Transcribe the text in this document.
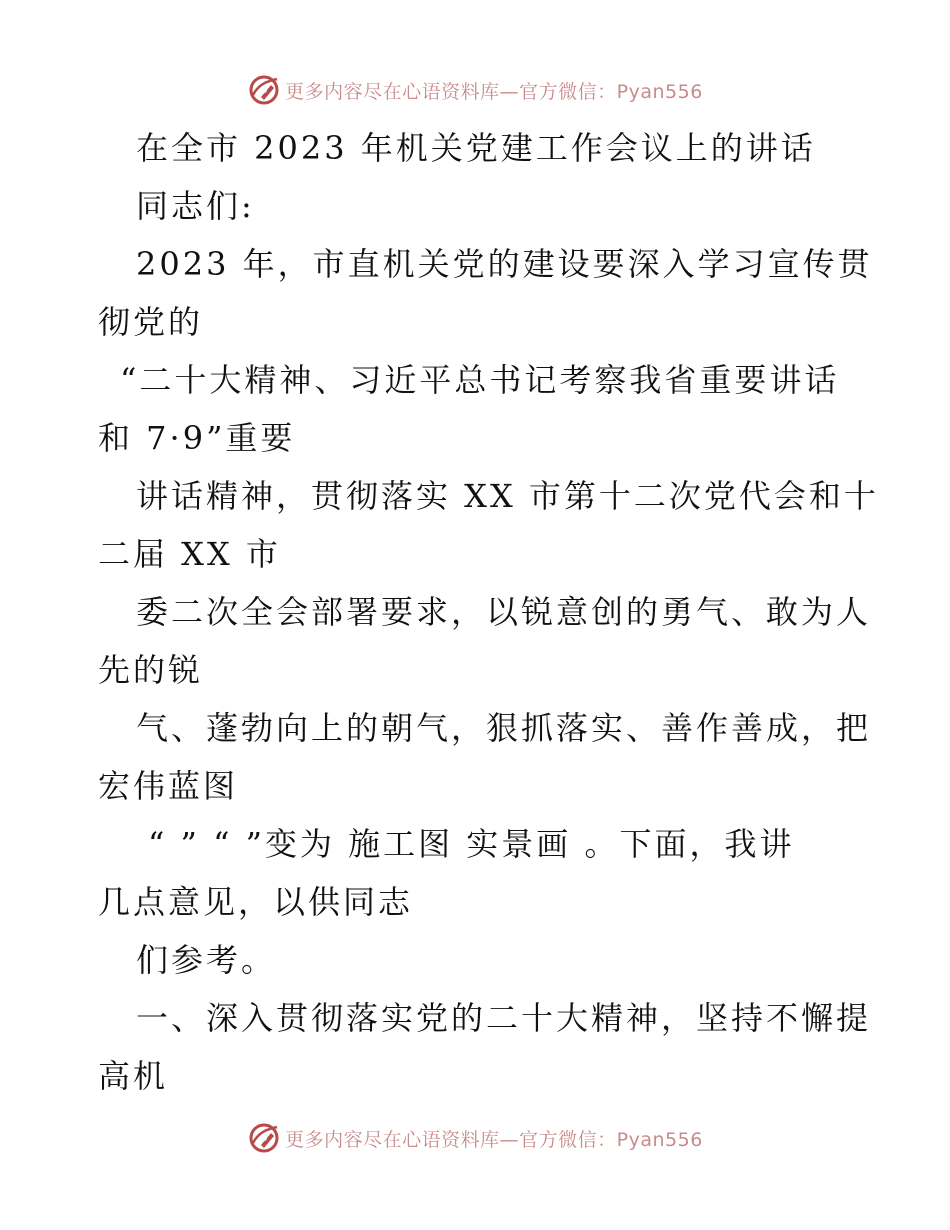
更多内容尽在心语资料库—官方微信：Pyan556
在全市 2023 年机关党建工作会议上的讲话
同志们:
2023 年，市直机关党的建设要深入学习宣传贯
彻党的
“二十大精神、习近平总书记考察我省重要讲话
和 7·9”重要
讲话精神，贯彻落实 XX 市第十二次党代会和十
二届 XX 市
委二次全会部署要求，以锐意创的勇气、敢为人
先的锐
气、蓬勃向上的朝气，狠抓落实、善作善成，把
宏伟蓝图
“ ” “ ”变为 施工图 实景画 。下面，我讲
几点意见，以供同志
们参考。
一、深入贯彻落实党的二十大精神，坚持不懈提
高机
更多内容尽在心语资料库—官方微信：Pyan556
